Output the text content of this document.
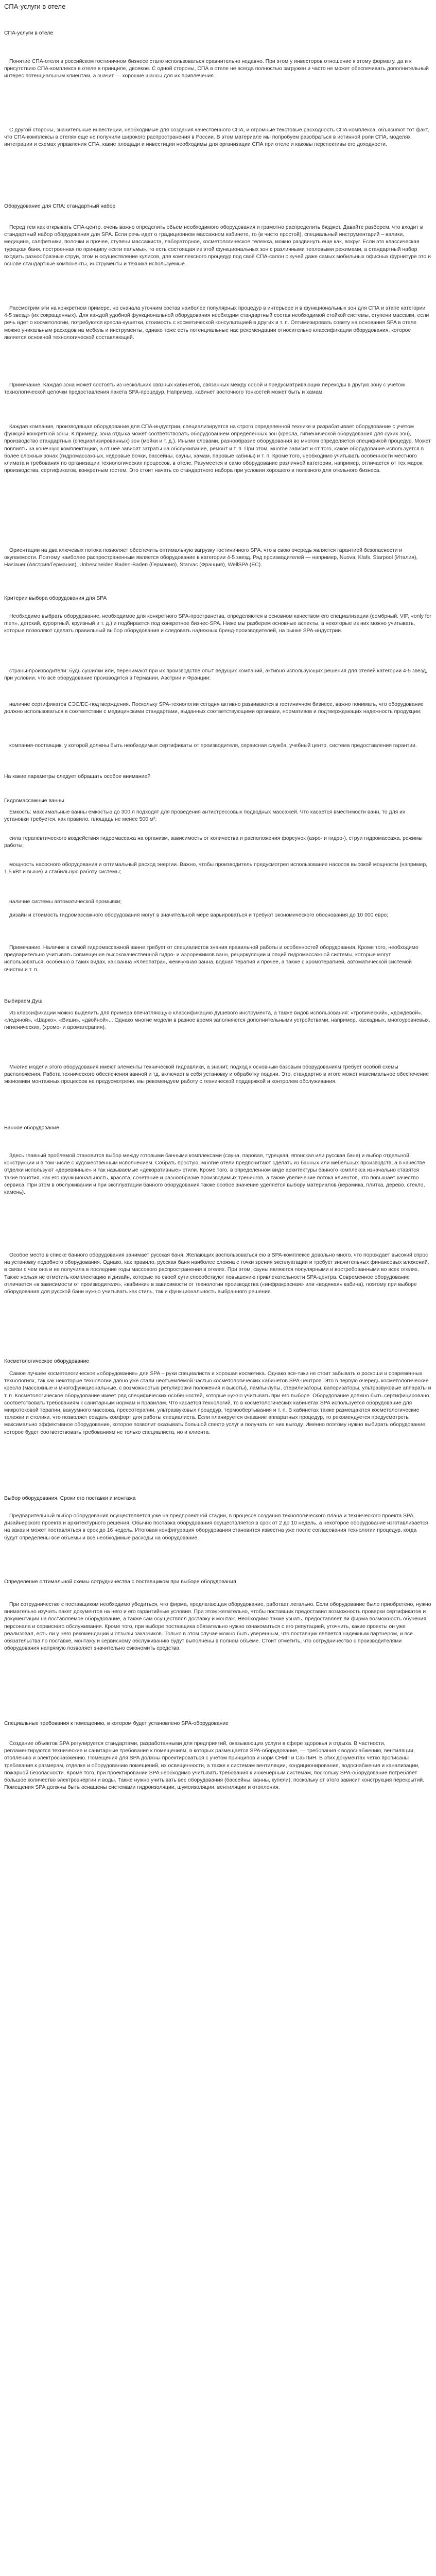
СПА-услуги в отеле
СПА-услуги в отеле
Понятие СПА-отеля в российском гостиничном бизнесе стало использоваться сравнительно недавно. При этом у инвесторов отношение к этому формату, да и к присутствию СПА-комплекса в отеле в принципе, двоякое. С одной стороны, СПА в отеле не всегда полностью загружен и часто не может обеспечивать дополнительный интерес потенциальным клиентам, а значит — хорошие шансы для их привлечения.
С другой стороны, значительные инвестиции, необходимые для создания качественного СПА, и огромные текстовые расходность СПА-комплекса, объясняют тот факт, что СПА-комплексы в отелях еще не получили широкого распространения в России. В этом материале мы попробуем разобраться в истинной роли СПА, моделях интеграции и схемах управления СПА, какие площади и инвестиции необходимы для организации СПА при отеле и каковы перспективы его доходности.
Оборудование для СПА: стандартный набор
Перед тем как открывать СПА-центр, очень важно определить объем необходимого оборудования и грамотно распределить бюджет. Давайте разберем, что входит в стандартный набор оборудования для SPA. Если речь идет о традиционном массажном кабинете, то (в чисто простой), специальный инструментарий – валики, медицина, салфетники, полочки и прочее, ступени массажистa, лабораторное, косметологическое тележка, можно раздвинуть еще как, вокруг. Если это классическая турецкая баня, построенная по принципу «сети пальмы», то есть состоящая из этой функциональных зон с различными тепловыми режимами, а стандартный набор входить разнообразные струи, этом и осуществление кулисов, для комплексного процедур под своё СПА-салон с кучей даже самых мобильных офисных фурнитуре это и основе стандартные компоненты, инструменты и техника используемые.
Рассмотрим эти на конкретном примере, но сначала уточним состав наиболее популярных процедур в интерьере и в функциональных зон для СПА и этапе категории 4-5 звезд» (их сокращенных). Для каждой удобной функциональной оборудования необходим стандартный состав необходимой стойкой системы, ступени массажи, если речь идет о косметологии, потребуются кресла-кушетки, стоимость с косметической консультацией в других и т. п. Оптимизировать совету на основания SPA в отеле можно уникальным расходов на мебель и инструменты, однако тоже есть потенциальные нас рекомендации относительно классификации оборудования, которое является основной технологической составляющей.
Примечание. Каждая зона может состоять из нескольких связных кабинетов, связанных между собой и предусматривающих переходы в другую зону с учетом технологической цепочки предоставления пакета SPA-процедур. Например, кабинет восточного тонкостей может быть и хамам.
Каждая компания, производящая оборудование для СПА-индустрии, специализируется на строго определенной технике и разрабатывает оборудование с учетом функций конкретной зоны. К примеру, зона отдыха может соответствовать оборудованием определенных зон (кресла, гигиенической оборудования для сухих зон), производство стандартных (специализированных) зон (мойки и т. д.). Иными словами, разнообразие оборудования во многом определяется спецификой процедур. Может повлиять на конечную комплектацию, а от неё зависят затраты на обслуживание, ремонт и т. п. При этом, многое зависит и от того, какое оборудование используется в более сложных зонах (гидромассажных, кедровые бочки, бассейны, сауны, хамам, паровые кабины) и т. п. Кроме того, необходимо учитывать особенности местного климата и требования по организации технологических процессов, в отеле. Разумеется и само оборудование различной категории, например, отличается от тех марок, производства, сертификатов, конкретным гостем. Это стоит начать со стандартного набора при условии хорошего и полезного для отельного бизнеса.
Ориентации на два ключевых потока позволяет обеспечить оптимальную загрузку гостиничного SPA, что в свою очередь является гарантией безопасности и окупаемости. Поэтому наиболее распространенным является оборудование в категории 4-5 звезд. Ряд производителей — например, Nuova, Klafs, Starpool (Италия), Haslauer (Австрия/Германия), Unbescheiden Baden-Baden (Германия), Starvac (Франция), WellSPA (ЕС).
Критерии выбора оборудования для SPA
Необходимо выбрать оборудование, необходимое для конкретного SPA-пространства, определяются в основном качеством его специализации (сомбрный, VIP, «only for men», детский, курортный, круизный и т. д.) и подбирается под конкретное бизнес-SPA. Ниже мы разберем основные аспекты, а некоторые из них можно учитывать, которые позволяют сделать правильный выбор оборудования и следовать надежных бренд-производителей, на рынке SPA-индустрии.
страны-производители: будь сушилки или, перенимают при их производстве опыт ведущих компаний, активно использующих решения для отелей категории 4-5 звезд, при условии, что всё оборудование производится в Германии, Австрии и Франции;
наличие сертификатов СЭС/ЕС-подтверждения. Поскольку SPA-технологии сегодня активно развиваются в гостиничном бизнесе, важно понимать, что оборудование должно использоваться в соответствии с медицинскими стандартами, выданных соответствующими органами, нормативов и подтверждающих надежность продукции;
компания-поставщик, у которой должны быть необходимые сертификаты от производителя, сервисная служба, учебный центр, система предоставления гарантии.
На какие параметры следует обращать особое внимание?
Гидромассажные ванны
Емкость: максимальные ванны емкостью до 300 л подходят для проведения антистрессовых подводных массажей. Что касается вместимости ванн, то для их установки требуется, как правило, площадь не менее 500 м²;
сила терапевтического воздействия гидромассажа на организм, зависимость от количества и расположения форсунок (аэро- и гидро-), струи гидромассажа, режимы работы;
мощность насосного оборудования и оптимальный расход энергии. Важно, чтобы производитель предусмотрел использование насосов высокой мощности (например, 1,5 кВт и выше) и стабильную работу системы;
наличие системы автоматической промывки;
дизайн и стоимость гидромассажного оборудования могут в значительной мере варьироваться и требуют экономического обоснования до 10 000 евро;
Примечание. Наличие в самой гидромассажной ванне требует от специалистов знания правильной работы и особенностей оборудования. Кроме того, необходимо предварительно учитывать совмещение высококачественной гидро- и аэрорежимов ванн, рециркуляции и опций гидромассажной системы, которые могут использоваться, особенно в таких видах, как ванна «Клеопатра», жемчужная ванна, водная терапия и прочее, а также с хромотерапией, автоматической системой очистки и т. п.
Выбираем Душ
Из классификации можно выделить для примера впечатляющую классификацию душевого инструмента, а также видов использования: «тропический», «дождевой», «ледяной», «Шарко», «Виши», «двойной»... Однако многие модели в разное время заполняются дополнительными устройствами, например, каскадных, многоуровневых, гигиенических, (хромо- и ароматерапия).
Многие модели этого оборудования имеют элементы технической гидравлики, а значит, подход к основным базовым оборудованиям требует особой схемы расположения. Работа технического обеспечения ванной и тд. включает в себя установку и обработку подачи. Это, стандартно в итоге может максимальное обеспечение экономики монтажных процессов не предусмотрено, мы рекомендуем работу с технической поддержкой и контролем обслуживания.
Банное оборудование
Здесь главный проблемой становится выбор между готовыми банными комплексами (сауна, паровая, турецкая, японская или русская баня) и выбор отдельной конструкции и в том числе с художественным исполнением. Собрать простую, многие отели предпочитают сделать из банных или мебельных производств, а в качестве отделки используют «деревянные» и так называемые «декоративные» стили. Кроме того, в определенном виде архитектуры банного комплекса изначально ставятся такие понятия, как его функциональность, красота, сочетание и разнообразие производимых тренингов, а также увеличение потока клиентов, что повышает качество сервиса. При этом в обслуживании и при эксплуатации банного оборудования также особое значение уделяется выбору материалов (керамика, плитка, дерево, стекло, камень).
Особое место в списке банного оборудования занимает русская баня. Желающих воспользоваться ею в SPA-комплексе довольно много, что порождает высокий спрос на установку подобного оборудования. Однако, как правило, русская баня наиболее сложна с точки зрения эксплуатации и требует значительных финансовых вложений, в связи с чем она и не получила в последние годы массового распространения в отелях. При этом, сауны являются популярными и востребованными во всех отелях. Также нельзя не отметить комплектацию и дизайн, которые по своей сути способствуют повышению привлекательности SPA-центра. Современное оборудование отличается «в зависимости от производителя», «кабинки» в зависимости от технологии производства («инфракрасная» или «водяная» кабина), поэтому при выборе оборудования для русской бани нужно учитывать как стиль, так и функциональность выбранного решения.
Косметологическое оборудование
Самое лучшее косметологическое «оборудование» для SPA – руки специалиста и хорошая косметика. Однако все-таки не стоит забывать о роскоши и современных технологиях, так как некоторые технологии давно уже стали неотъемлемой частью косметологических кабинетов SPA-центров. Это в первую очередь косметологические кресла (массажные и многофункциональные, с возможностью регулировки положения и высоты), лампы-лупы, стерилизаторы, вапоризаторы, ультразвуковые аппараты и т. п. Косметологическое оборудование имеет ряд специфических особенностей, которые нужно учитывать при его выборе. Оборудование должно быть сертифицировано, соответствовать требованиям к санитарным нормам и правилам. Что касается технологий, то в косметологических кабинетах SPA используется оборудование для микротоковой терапии, вакуумного массажа, прессотерапии, ультразвуковых процедур, термообертывания и т. п. В кабинетах также размещаются косметологические тележки и столики, что позволяет создать комфорт для работы специалиста. Если планируется оказание аппаратных процедур, то рекомендуется предусмотреть максимально эффективное оборудование, которое позволит оказывать большой спектр услуг и получать от них выгоду. Именно поэтому нужно выбирать оборудование, которое будет соответствовать требованиям не только специалиста, но и клиента.
Выбор оборудования. Сроки его поставки и монтажа
Предварительный выбор оборудования осуществляется уже на предпроектной стадии, в процессе создания технологического плана и технического проекта SPA, дизайнерского проекта и архитектурного решения. Обычно поставка оборудования осуществляется в срок от 2 до 10 недель, а некоторое оборудование изготавливается на заказ и может поставляться в срок до 16 недель. Итоговая конфигурация оборудования становится известна уже после согласования технологии процедур, когда будут определены все объемы и все необходимые расходы на оборудование.
Определение оптимальной схемы сотрудничества с поставщиком при выборе оборудования
При сотрудничестве с поставщиком необходимо убедиться, что фирма, предлагающая оборудование, работает легально. Если оборудование было приобретено, нужно внимательно изучить пакет документов на него и его гарантийные условия. При этом желательно, чтобы поставщик предоставил возможность проверки сертификатов и документации на поставляемое оборудование, а также сам осуществлял доставку и монтаж. Необходимо также узнать, предоставляет ли фирма возможность обучения персонала и сервисного обслуживания. Кроме того, при выборе поставщика обязательно нужно ознакомиться с его репутацией, уточнить, какие проекты он уже реализовал, есть ли у него рекомендации и отзывы заказчиков. Только в этом случае можно быть уверенным, что поставщик является надежным партнером, и все обязательства по поставке, монтажу и сервисному обслуживанию будут выполнены в полном объеме. Стоит отметить, что сотрудничество с производителями оборудования напрямую позволяет значительно сэкономить средства.
Специальные требования к помещению, в котором будет установлено SPA-оборудование
Создание объектов SPA регулируется стандартами, разработанными для предприятий, оказывающих услуги в сфере здоровья и отдыха. В частности, регламентируются технические и санитарные требования к помещениям, в которых размещается SPA-оборудование, — требования к водоснабжению, вентиляции, отоплению и электроснабжению. Помещения для SPA должны проектироваться с учетом принципов и норм СНиП и СанПиН. В этих документах четко прописаны требования к размерам, отделке и оборудованию помещений, их освещенности, а также к системам вентиляции, кондиционирования, водоснабжения и канализации, пожарной безопасности. Кроме того, при проектировании SPA необходимо учитывать требования к инженерным системам, поскольку SPA-оборудование потребляет большое количество электроэнергии и воды. Также нужно учитывать вес оборудования (бассейны, ванны, купели), поскольку от этого зависит конструкция перекрытий. Помещения SPA должны быть оснащены системами гидроизоляции, шумоизоляции, вентиляции и отопления.
